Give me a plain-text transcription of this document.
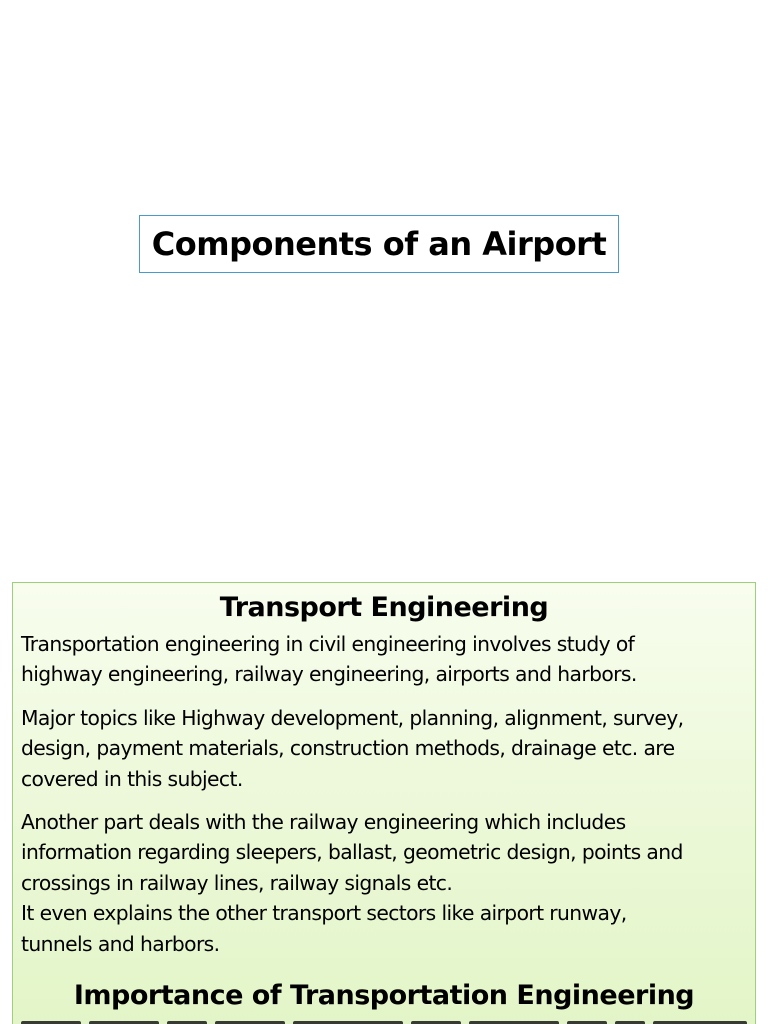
Components of an Airport
Transport Engineering
Transportation engineering in civil engineering involves study of
highway engineering, railway engineering, airports and harbors.
Major topics like Highway development, planning, alignment, survey,
design, payment materials, construction methods, drainage etc. are
covered in this subject.
Another part deals with the railway engineering which includes
information regarding sleepers, ballast, geometric design, points and
crossings in railway lines, railway signals etc.
It even explains the other transport sectors like airport runway,
tunnels and harbors.
Importance of Transportation Engineering
